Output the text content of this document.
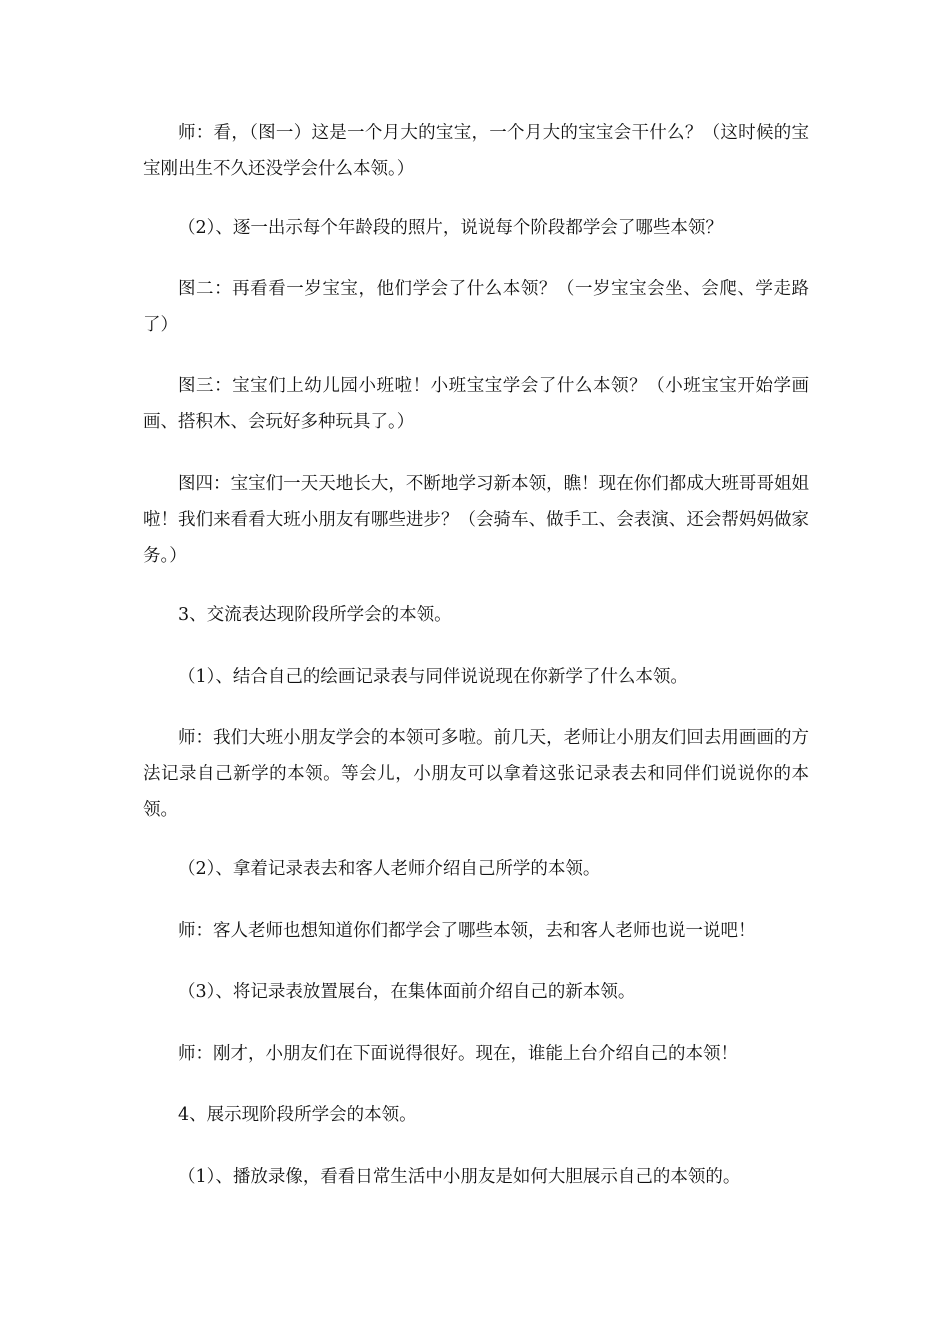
师：看，（图一）这是一个月大的宝宝，一个月大的宝宝会干什么？（这时候的宝宝刚出生不久还没学会什么本领。）

（2）、逐一出示每个年龄段的照片，说说每个阶段都学会了哪些本领？

图二：再看看一岁宝宝，他们学会了什么本领？（一岁宝宝会坐、会爬、学走路了）

图三：宝宝们上幼儿园小班啦！小班宝宝学会了什么本领？（小班宝宝开始学画画、搭积木、会玩好多种玩具了。）

图四：宝宝们一天天地长大，不断地学习新本领，瞧！现在你们都成大班哥哥姐姐啦！我们来看看大班小朋友有哪些进步？（会骑车、做手工、会表演、还会帮妈妈做家务。）

3、交流表达现阶段所学会的本领。

（1）、结合自己的绘画记录表与同伴说说现在你新学了什么本领。

师：我们大班小朋友学会的本领可多啦。前几天，老师让小朋友们回去用画画的方法记录自己新学的本领。等会儿，小朋友可以拿着这张记录表去和同伴们说说你的本领。

（2）、拿着记录表去和客人老师介绍自己所学的本领。

师：客人老师也想知道你们都学会了哪些本领，去和客人老师也说一说吧！

（3）、将记录表放置展台，在集体面前介绍自己的新本领。

师：刚才，小朋友们在下面说得很好。现在，谁能上台介绍自己的本领！

4、展示现阶段所学会的本领。

（1）、播放录像，看看日常生活中小朋友是如何大胆展示自己的本领的。
